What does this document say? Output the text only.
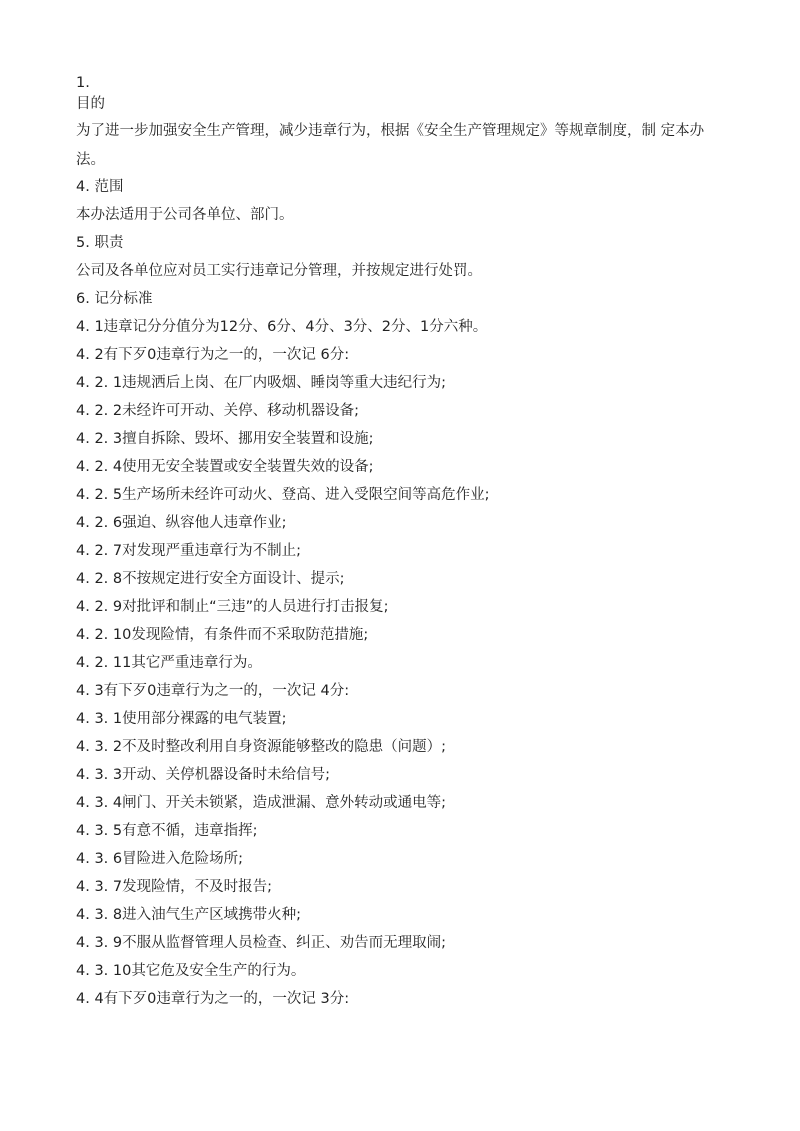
1.
目的
为了进一步加强安全生产管理，减少违章行为，根据《安全生产管理规定》等规章制度，制 定本办法。
4. 范围
本办法适用于公司各单位、部门。
5. 职责
公司及各单位应对员工实行违章记分管理，并按规定进行处罚。
6. 记分标准
4. 1违章记分分值分为12分、6分、4分、3分、2分、1分六种。
4. 2有下歹0违章行为之一的，一次记 6分:
4. 2. 1违规洒后上岗、在厂内吸烟、睡岗等重大违纪行为;
4. 2. 2未经许可开动、关停、移动机器设备;
4. 2. 3擅自拆除、毁坏、挪用安全装置和设施;
4. 2. 4使用无安全装置或安全装置失效的设备;
4. 2. 5生产场所未经许可动火、登高、进入受限空间等高危作业;
4. 2. 6强迫、纵容他人违章作业;
4. 2. 7对发现严重违章行为不制止;
4. 2. 8不按规定进行安全方面设计、提示;
4. 2. 9对批评和制止“三违”的人员进行打击报复;
4. 2. 10发现险情，有条件而不采取防范措施;
4. 2. 11其它严重违章行为。
4. 3有下歹0违章行为之一的，一次记 4分:
4. 3. 1使用部分裸露的电气装置;
4. 3. 2不及时整改利用自身资源能够整改的隐患（问题）;
4. 3. 3开动、关停机器设备时未给信号;
4. 3. 4闸门、开关未锁紧，造成泄漏、意外转动或通电等;
4. 3. 5有意不循，违章指挥;
4. 3. 6冒险进入危险场所;
4. 3. 7发现险情，不及时报告;
4. 3. 8进入油气生产区域携带火种;
4. 3. 9不服从监督管理人员检查、纠正、劝告而无理取闹;
4. 3. 10其它危及安全生产的行为。
4. 4有下歹0违章行为之一的，一次记 3分:
